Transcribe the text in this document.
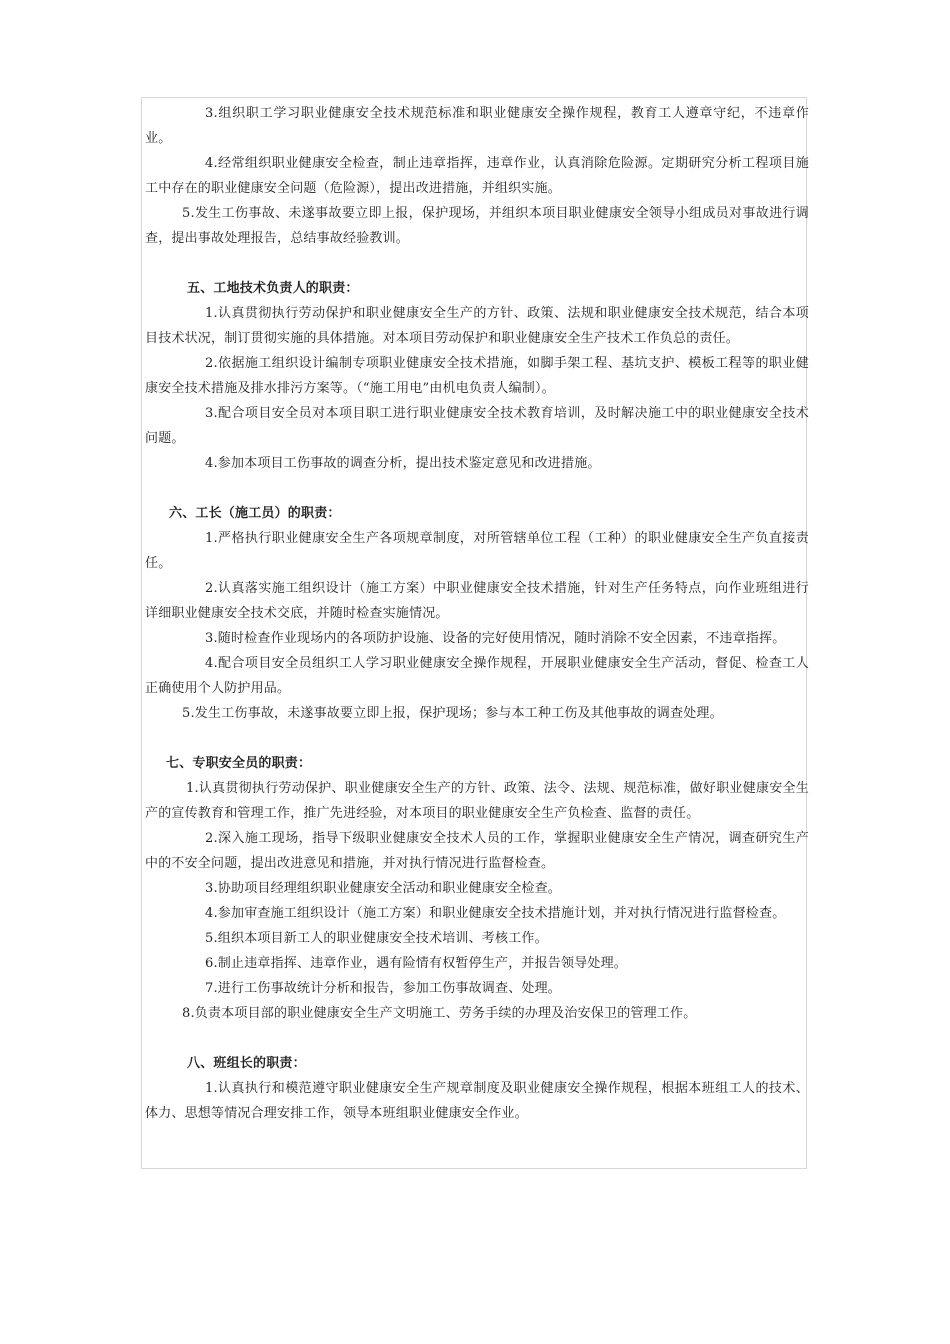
3.组织职工学习职业健康安全技术规范标准和职业健康安全操作规程，教育工人遵章守纪，不违章作业。

4.经常组织职业健康安全检查，制止违章指挥，违章作业，认真消除危险源。定期研究分析工程项目施工中存在的职业健康安全问题（危险源），提出改进措施，并组织实施。

5.发生工伤事故、未遂事故要立即上报，保护现场，并组织本项目职业健康安全领导小组成员对事故进行调查，提出事故处理报告，总结事故经验教训。

五、工地技术负责人的职责：

1.认真贯彻执行劳动保护和职业健康安全生产的方针、政策、法规和职业健康安全技术规范，结合本项目技术状况，制订贯彻实施的具体措施。对本项目劳动保护和职业健康安全生产技术工作负总的责任。

2.依据施工组织设计编制专项职业健康安全技术措施，如脚手架工程、基坑支护、模板工程等的职业健康安全技术措施及排水排污方案等。（“施工用电”由机电负责人编制）。

3.配合项目安全员对本项目职工进行职业健康安全技术教育培训，及时解决施工中的职业健康安全技术问题。

4.参加本项目工伤事故的调查分析，提出技术鉴定意见和改进措施。

六、工长（施工员）的职责：

1.严格执行职业健康安全生产各项规章制度，对所管辖单位工程（工种）的职业健康安全生产负直接责任。

2.认真落实施工组织设计（施工方案）中职业健康安全技术措施，针对生产任务特点，向作业班组进行详细职业健康安全技术交底，并随时检查实施情况。

3.随时检查作业现场内的各项防护设施、设备的完好使用情况，随时消除不安全因素，不违章指挥。

4.配合项目安全员组织工人学习职业健康安全操作规程，开展职业健康安全生产活动，督促、检查工人正确使用个人防护用品。

5.发生工伤事故，未遂事故要立即上报，保护现场；参与本工种工伤及其他事故的调查处理。

七、专职安全员的职责：

1.认真贯彻执行劳动保护、职业健康安全生产的方针、政策、法令、法规、规范标准，做好职业健康安全生产的宣传教育和管理工作，推广先进经验，对本项目的职业健康安全生产负检查、监督的责任。

2.深入施工现场，指导下级职业健康安全技术人员的工作，掌握职业健康安全生产情况，调查研究生产中的不安全问题，提出改进意见和措施，并对执行情况进行监督检查。

3.协助项目经理组织职业健康安全活动和职业健康安全检查。

4.参加审查施工组织设计（施工方案）和职业健康安全技术措施计划，并对执行情况进行监督检查。

5.组织本项目新工人的职业健康安全技术培训、考核工作。

6.制止违章指挥、违章作业，遇有险情有权暂停生产，并报告领导处理。

7.进行工伤事故统计分析和报告，参加工伤事故调查、处理。

8.负责本项目部的职业健康安全生产文明施工、劳务手续的办理及治安保卫的管理工作。

八、班组长的职责：

1.认真执行和模范遵守职业健康安全生产规章制度及职业健康安全操作规程，根据本班组工人的技术、体力、思想等情况合理安排工作，领导本班组职业健康安全作业。
